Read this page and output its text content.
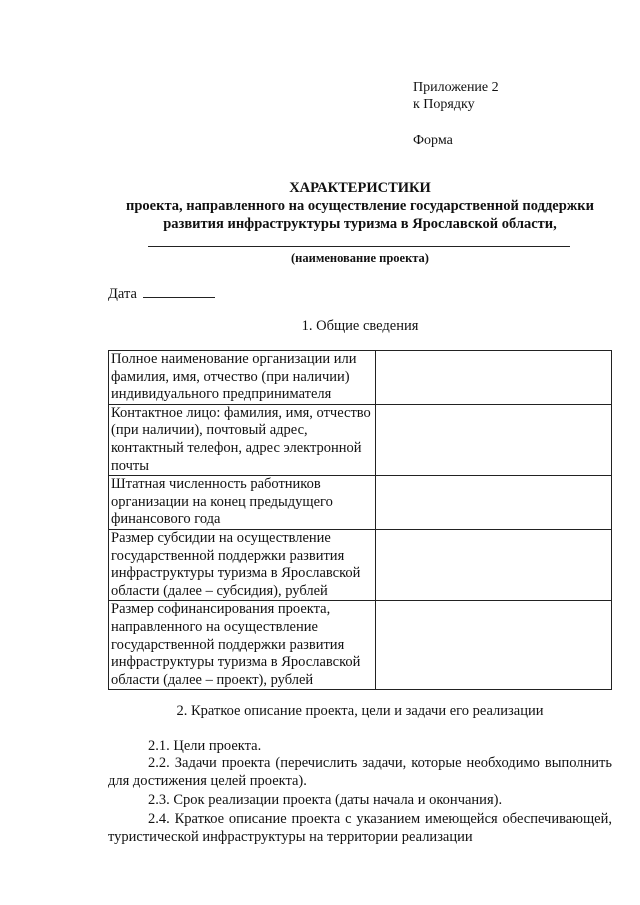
Приложение 2
к Порядку
Форма
ХАРАКТЕРИСТИКИ
проекта, направленного на осуществление государственной поддержки
развития инфраструктуры туризма в Ярославской области,
(наименование проекта)
Дата
1. Общие сведения
Полное наименование организации или фамилия, имя, отчество (при наличии) индивидуального предпринимателя	
Контактное лицо: фамилия, имя, отчество (при наличии), почтовый адрес, контактный телефон, адрес электронной почты	
Штатная численность работников организации на конец предыдущего финансового года	
Размер субсидии на осуществление государственной поддержки развития инфраструктуры туризма в Ярославской области (далее – субсидия), рублей	
Размер софинансирования проекта, направленного на осуществление государственной поддержки развития инфраструктуры туризма в Ярославской области (далее – проект), рублей	
2. Краткое описание проекта, цели и задачи его реализации
2.1. Цели проекта.
2.2. Задачи проекта (перечислить задачи, которые необходимо выполнить для достижения целей проекта).
2.3. Срок реализации проекта (даты начала и окончания).
2.4. Краткое описание проекта с указанием имеющейся обеспечивающей, туристической инфраструктуры на территории реализации
